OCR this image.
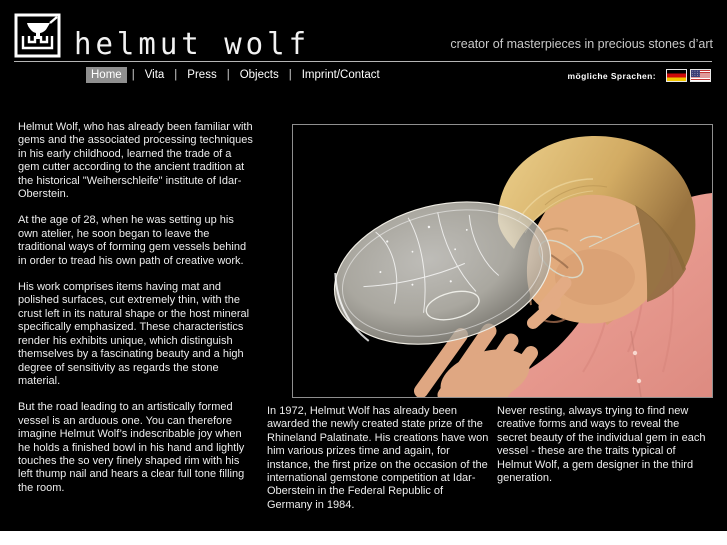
helmut wolf	creator of masterpieces in precious stones d’art
Home | Vita | Press | Objects | Imprint/Contact	mögliche Sprachen:

Helmut Wolf, who has already been familiar with gems and the associated processing techniques in his early childhood, learned the trade of a gem cutter according to the ancient tradition at the historical "Weiherschleife" institute of Idar-Oberstein.

At the age of 28, when he was setting up his own atelier, he soon began to leave the traditional ways of forming gem vessels behind in order to tread his own path of creative work.

His work comprises items having mat and polished surfaces, cut extremely thin, with the crust left in its natural shape or the host mineral specifically emphasized. These characteristics render his exhibits unique, which distinguish themselves by a fascinating beauty and a high degree of sensitivity as regards the stone material.

But the road leading to an artistically formed vessel is an arduous one. You can therefore imagine Helmut Wolf’s indescribable joy when he holds a finished bowl in his hand and lightly touches the so very finely shaped rim with his left thump nail and hears a clear full tone filling the room.

In 1972, Helmut Wolf has already been awarded the newly created state prize of the Rhineland Palatinate. His creations have won him various prizes time and again, for instance, the first prize on the occasion of the international gemstone competition at Idar-Oberstein in the Federal Republic of Germany in 1984.

Never resting, always trying to find new creative forms and ways to reveal the secret beauty of the individual gem in each vessel - these are the traits typical of Helmut Wolf, a gem designer in the third generation.
